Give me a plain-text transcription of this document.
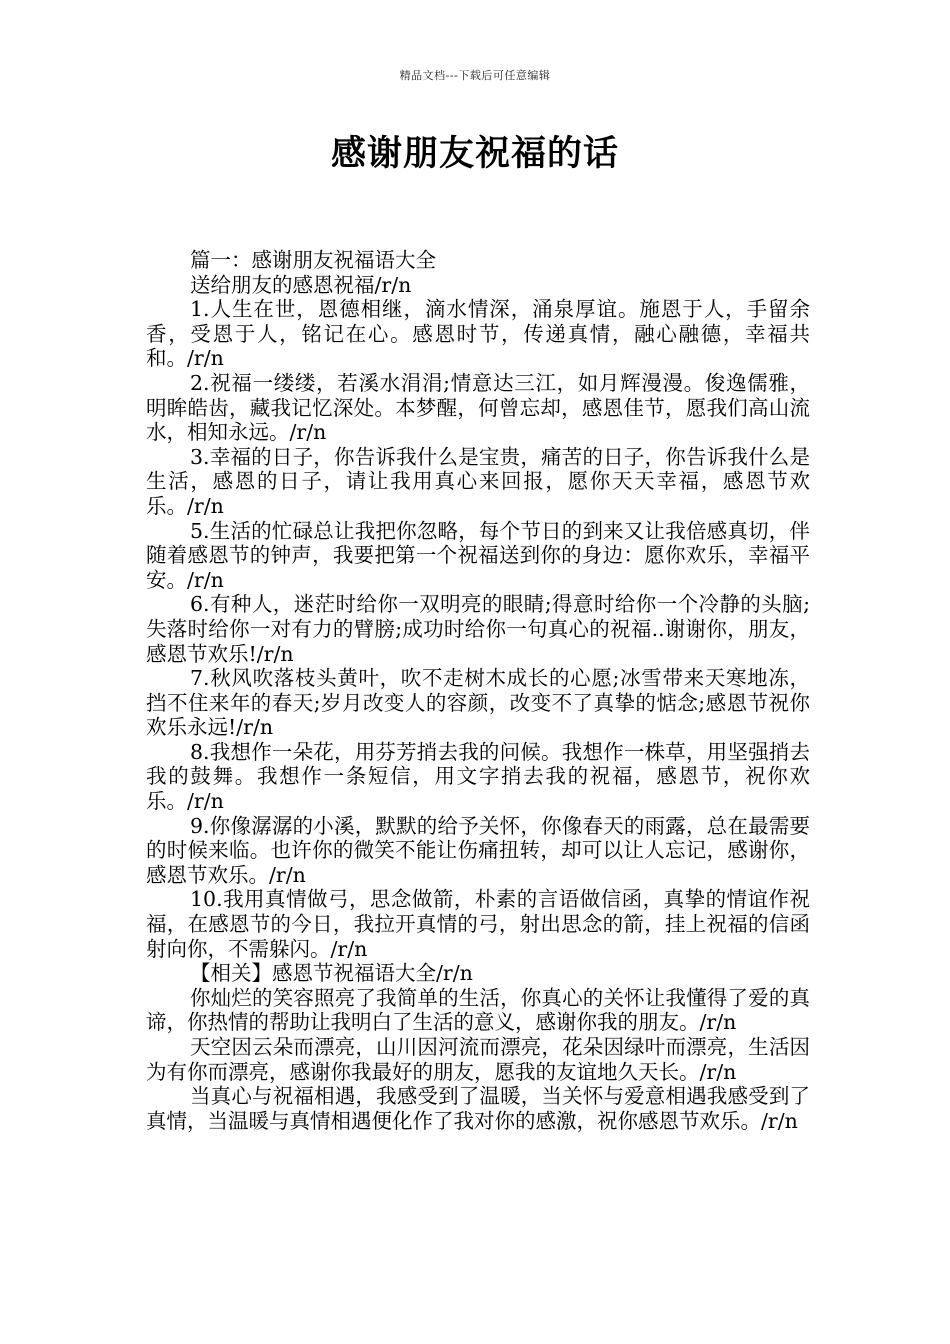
精品文档---下载后可任意编辑
感谢朋友祝福的话

篇一：感谢朋友祝福语大全

送给朋友的感恩祝福/r/n

1.人生在世，恩德相继，滴水情深，涌泉厚谊。施恩于人，手留余香，受恩于人，铭记在心。感恩时节，传递真情，融心融德，幸福共和。/r/n

2.祝福一缕缕，若溪水涓涓;情意达三江，如月辉漫漫。俊逸儒雅，明眸皓齿，藏我记忆深处。本梦醒，何曾忘却，感恩佳节，愿我们高山流水，相知永远。/r/n

3.幸福的日子，你告诉我什么是宝贵，痛苦的日子，你告诉我什么是生活，感恩的日子，请让我用真心来回报，愿你天天幸福，感恩节欢乐。/r/n

5.生活的忙碌总让我把你忽略，每个节日的到来又让我倍感真切，伴随着感恩节的钟声，我要把第一个祝福送到你的身边：愿你欢乐，幸福平安。/r/n

6.有种人，迷茫时给你一双明亮的眼睛;得意时给你一个冷静的头脑;失落时给你一对有力的臂膀;成功时给你一句真心的祝福..谢谢你，朋友，感恩节欢乐!/r/n

7.秋风吹落枝头黄叶，吹不走树木成长的心愿;冰雪带来天寒地冻，挡不住来年的春天;岁月改变人的容颜，改变不了真挚的惦念;感恩节祝你欢乐永远!/r/n

8.我想作一朵花，用芬芳捎去我的问候。我想作一株草，用坚强捎去我的鼓舞。我想作一条短信，用文字捎去我的祝福，感恩节，祝你欢乐。/r/n

9.你像潺潺的小溪，默默的给予关怀，你像春天的雨露，总在最需要的时候来临。也许你的微笑不能让伤痛扭转，却可以让人忘记，感谢你，感恩节欢乐。/r/n

10.我用真情做弓，思念做箭，朴素的言语做信函，真挚的情谊作祝福，在感恩节的今日，我拉开真情的弓，射出思念的箭，挂上祝福的信函射向你，不需躲闪。/r/n

【相关】感恩节祝福语大全/r/n

你灿烂的笑容照亮了我简单的生活，你真心的关怀让我懂得了爱的真谛，你热情的帮助让我明白了生活的意义，感谢你我的朋友。/r/n

天空因云朵而漂亮，山川因河流而漂亮，花朵因绿叶而漂亮，生活因为有你而漂亮，感谢你我最好的朋友，愿我的友谊地久天长。/r/n

当真心与祝福相遇，我感受到了温暖，当关怀与爱意相遇我感受到了真情，当温暖与真情相遇便化作了我对你的感激，祝你感恩节欢乐。/r/n
